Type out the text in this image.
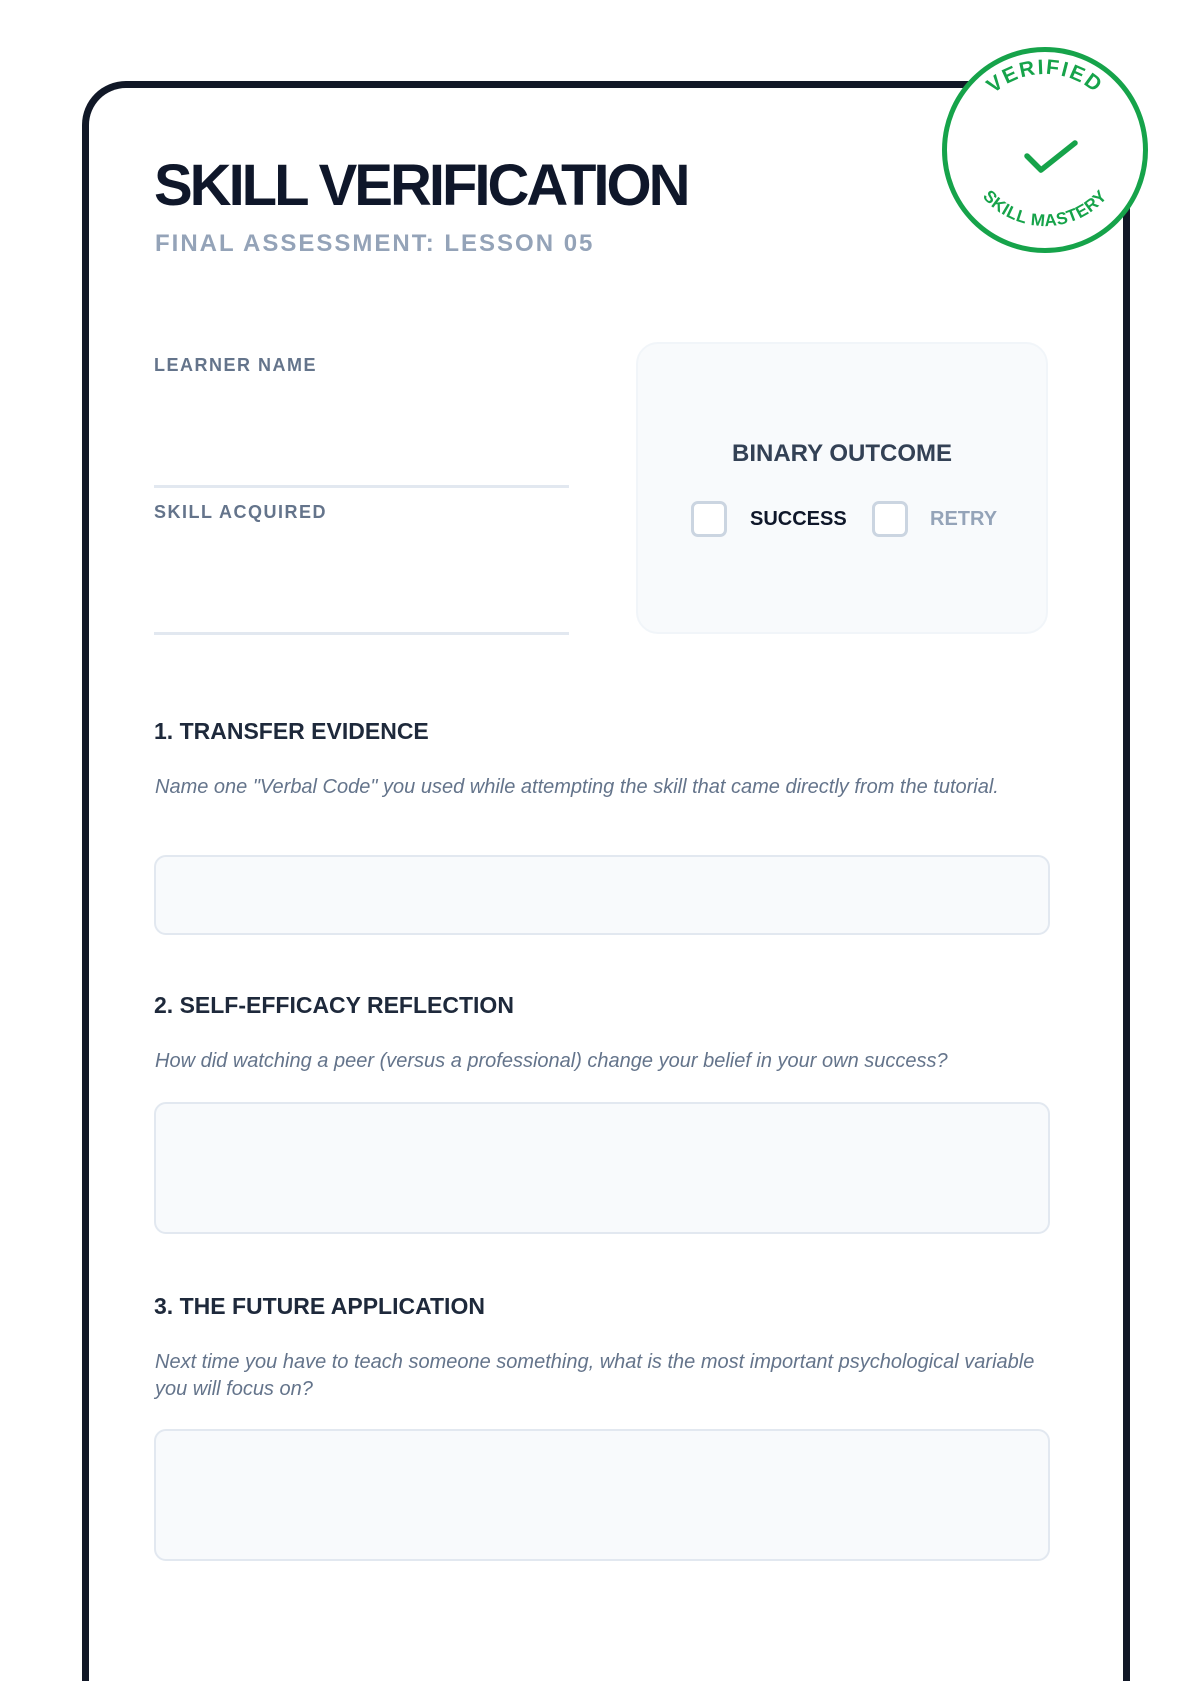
SKILL VERIFICATION
FINAL ASSESSMENT: LESSON 05
VERIFIED
SKILL MASTERY
LEARNER NAME
SKILL ACQUIRED
BINARY OUTCOME
SUCCESS	RETRY
1. TRANSFER EVIDENCE
Name one "Verbal Code" you used while attempting the skill that came directly from the tutorial.
2. SELF-EFFICACY REFLECTION
How did watching a peer (versus a professional) change your belief in your own success?
3. THE FUTURE APPLICATION
Next time you have to teach someone something, what is the most important psychological variable you will focus on?
